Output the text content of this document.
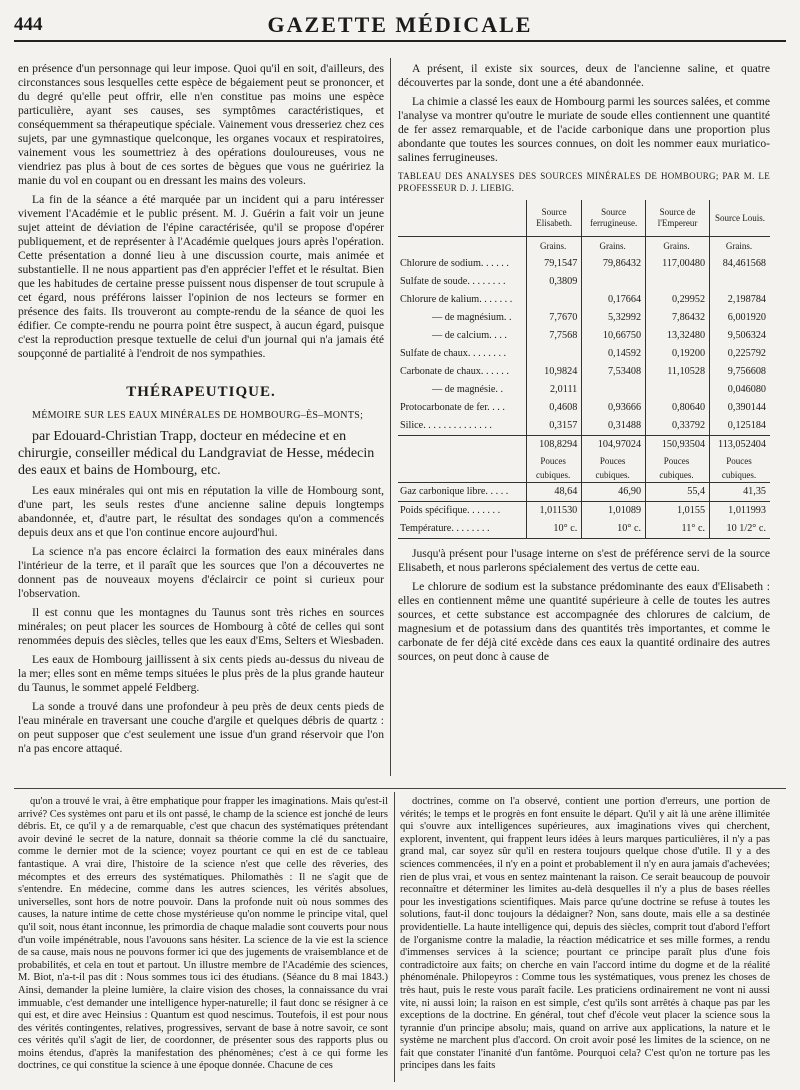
444	GAZETTE MÉDICALE

en présence d'un personnage qui leur impose. Quoi qu'il en soit, d'ailleurs, des circonstances sous lesquelles cette espèce de bégaiement peut se prononcer, et du degré qu'elle peut offrir, elle n'en constitue pas moins une espèce particulière, ayant ses causes, ses symptômes caractéristiques, et conséquemment sa thérapeutique spéciale. Vainement vous dresseriez chez ces sujets, par une gymnastique quelconque, les organes vocaux et respiratoires, vainement vous les soumettriez à des opérations douloureuses, vous ne viendriez pas plus à bout de ces sortes de bègues que vous ne guéririez la manie du vol en coupant ou en dressant les mains des voleurs.

La fin de la séance a été marquée par un incident qui a paru intéresser vivement l'Académie et le public présent. M. J. Guérin a fait voir un jeune sujet atteint de déviation de l'épine caractérisée, qu'il se propose d'opérer publiquement, et de représenter à l'Académie quelques jours après l'opération. Cette présentation a donné lieu à une discussion courte, mais animée et substantielle. Il ne nous appartient pas d'en apprécier l'effet et le résultat. Bien que les habitudes de certaine presse puissent nous dispenser de tout scrupule à cet égard, nous préférons laisser l'opinion de nos lecteurs se former en présence des faits. Ils trouveront au compte-rendu de la séance de quoi les édifier. Ce compte-rendu ne pourra point être suspect, à aucun égard, puisque c'est la reproduction presque textuelle de celui d'un journal qui n'a jamais été soupçonné de partialité à l'endroit de nos sympathies.

THÉRAPEUTIQUE.

MÉMOIRE SUR LES EAUX MINÉRALES DE HOMBOURG–ÈS–MONTS;

par Edouard-Christian Trapp, docteur en médecine et en chirurgie, conseiller médical du Landgraviat de Hesse, médecin des eaux et bains de Hombourg, etc.

Les eaux minérales qui ont mis en réputation la ville de Hombourg sont, d'une part, les seuls restes d'une ancienne saline depuis longtemps abandonnée, et, d'autre part, le résultat des sondages qu'on a commencés depuis deux ans et que l'on continue encore aujourd'hui.

La science n'a pas encore éclairci la formation des eaux minérales dans l'intérieur de la terre, et il paraît que les sources que l'on a découvertes ne donnent pas de nouveaux moyens d'éclaircir ce point si curieux pour l'observation.

Il est connu que les montagnes du Taunus sont très riches en sources minérales; on peut placer les sources de Hombourg à côté de celles qui sont renommées depuis des siècles, telles que les eaux d'Ems, Selters et Wiesbaden.

Les eaux de Hombourg jaillissent à six cents pieds au-dessus du niveau de la mer; elles sont en même temps situées le plus près de la plus grande hauteur du Taunus, le sommet appelé Feldberg.

La sonde a trouvé dans une profondeur à peu près de deux cents pieds de l'eau minérale en traversant une couche d'argile et quelques débris de quartz : on peut supposer que c'est seulement une issue d'un grand réservoir que l'on n'a pas encore attaqué.

A présent, il existe six sources, deux de l'ancienne saline, et quatre découvertes par la sonde, dont une a été abandonnée.

La chimie a classé les eaux de Hombourg parmi les sources salées, et comme l'analyse va montrer qu'outre le muriate de soude elles contiennent une quantité de fer assez remarquable, et de l'acide carbonique dans une proportion plus abondante que toutes les sources connues, on doit les nommer eaux muriatico-salines ferrugineuses.

TABLEAU DES ANALYSES DES SOURCES MINÉRALES DE HOMBOURG; PAR M. LE PROFESSEUR D. J. LIEBIG.

	Source Elisabeth.	Source ferrugineuse.	Source de l'Empereur	Source Louis.
	Grains.	Grains.	Grains.	Grains.
Chlorure de sodium. . . . . .	79,1547	79,86432	117,00480	84,461568
Sulfate de soude. . . . . . . .	0,3809			
Chlorure de kalium. . . . . . .		0,17664	0,29952	2,198784
— de magnésium. .	7,7670	5,32992	7,86432	6,001920
— de calcium. . . .	7,7568	10,66750	13,32480	9,506324
Sulfate de chaux. . . . . . . .		0,14592	0,19200	0,225792
Carbonate de chaux. . . . . .	10,9824	7,53408	11,10528	9,756608
— de magnésie. .	2,0111			0,046080
Protocarbonate de fer. . . .	0,4608	0,93666	0,80640	0,390144
Silice. . . . . . . . . . . . . .	0,3157	0,31488	0,33792	0,125184
	108,8294	104,97024	150,93504	113,052404
	Pouces cubiques.	Pouces cubiques.	Pouces cubiques.	Pouces cubiques.
Gaz carbonique libre. . . . .	48,64	46,90	55,4	41,35
Poids spécifique. . . . . . .	1,011530	1,01089	1,0155	1,011993
Température. . . . . . . .	10° c.	10° c.	11° c.	10 1/2° c.

Jusqu'à présent pour l'usage interne on s'est de préférence servi de la source Elisabeth, et nous parlerons spécialement des vertus de cette eau.

Le chlorure de sodium est la substance prédominante des eaux d'Elisabeth : elles en contiennent même une quantité supérieure à celle de toutes les autres sources, et cette substance est accompagnée des chlorures de calcium, de magnesium et de potassium dans des quantités très importantes, et comme le carbonate de fer déjà cité excède dans ces eaux la quantité ordinaire des autres sources, on peut donc à cause de

qu'on a trouvé le vrai, à être emphatique pour frapper les imaginations. Mais qu'est-il arrivé? Ces systèmes ont paru et ils ont passé, le champ de la science est jonché de leurs débris. Et, ce qu'il y a de remarquable, c'est que chacun des systématiques prétendant avoir deviné le secret de la nature, donnait sa théorie comme la clé du sanctuaire, comme le dernier mot de la science; voyez pourtant ce qui en est de ce tableau fantastique. A vrai dire, l'histoire de la science n'est que celle des rêveries, des mécomptes et des erreurs des systématiques. Philomathès : Il ne s'agit que de s'entendre. En médecine, comme dans les autres sciences, les vérités absolues, universelles, sont hors de notre pouvoir. Dans la profonde nuit où nous sommes des causes, la nature intime de cette chose mystérieuse qu'on nomme le principe vital, quel qu'il soit, nous étant inconnue, les primordia de chaque maladie sont couverts pour nous d'un voile impénétrable, nous l'avouons sans hésiter. La science de la vie est la science de sa cause, mais nous ne pouvons former ici que des jugements de vraisemblance et de probabilités, et cela en tout et partout. Un illustre membre de l'Académie des sciences, M. Biot, n'a-t-il pas dit : Nous sommes tous ici des étudians. (Séance du 8 mai 1843.) Ainsi, demander la pleine lumière, la claire vision des choses, la connaissance du vrai immuable, c'est demander une intelligence hyper-naturelle; il faut donc se résigner à ce qui est, et dire avec Heinsius : Quantum est quod nescimus. Toutefois, il est pour nous des vérités contingentes, relatives, progressives, servant de base à notre savoir, ce sont ces vérités qu'il s'agit de lier, de coordonner, de présenter sous des rapports plus ou moins étendus, d'après la manifestation des phénomènes; c'est à ce qui forme les doctrines, ce qui constitue la science à une époque donnée. Chacune de ces

doctrines, comme on l'a observé, contient une portion d'erreurs, une portion de vérités; le temps et le progrès en font ensuite le départ. Qu'il y ait là une arène illimitée qui s'ouvre aux intelligences supérieures, aux imaginations vives qui cherchent, explorent, inventent, qui frappent leurs idées à leurs marques particulières, il n'y a pas grand mal, car soyez sûr qu'il en restera toujours quelque chose d'utile. Il y a des sciences commencées, il n'y en a point et probablement il n'y en aura jamais d'achevées; rien de plus vrai, et vous en sentez maintenant la raison. Ce serait beaucoup de pouvoir reconnaître et déterminer les limites au-delà desquelles il n'y a plus de bases réelles pour les investigations scientifiques. Mais parce qu'une doctrine se refuse à toutes les solutions, faut-il donc toujours la dédaigner? Non, sans doute, mais elle a sa destinée providentielle. La haute intelligence qui, depuis des siècles, comprit tout d'abord l'effort de l'organisme contre la maladie, la réaction médicatrice et ses mille formes, a rendu d'immenses services à la science; pourtant ce principe paraît plus d'une fois contradictoire aux faits; on cherche en vain l'accord intime du dogme et de la réalité phénoménale. Philopeyros : Comme tous les systématiques, vous prenez les choses de très haut, puis le reste vous paraît facile. Les praticiens ordinairement ne vont ni aussi vite, ni aussi loin; la raison en est simple, c'est qu'ils sont arrêtés à chaque pas par les exceptions de la doctrine. En général, tout chef d'école veut placer la science sous la tyrannie d'un principe absolu; mais, quand on arrive aux applications, la nature et le système ne marchent plus d'accord. On croit avoir posé les limites de la science, on ne fait que constater l'inanité d'un fantôme. Pourquoi cela? C'est qu'on ne torture pas les principes dans les faits
